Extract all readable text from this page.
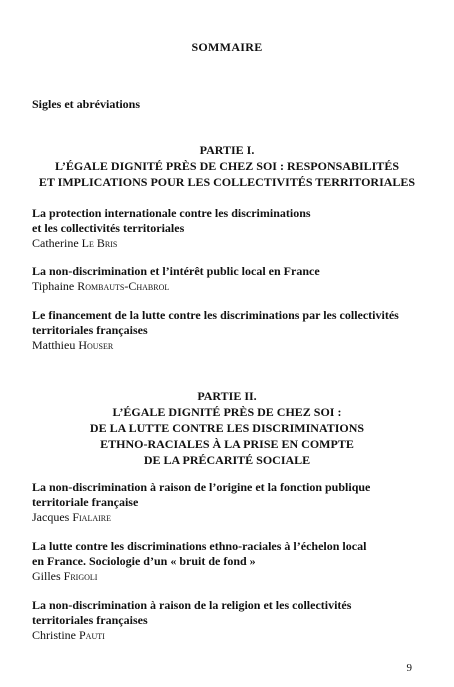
SOMMAIRE
Sigles et abréviations
PARTIE I.
L’ÉGALE DIGNITÉ PRÈS DE CHEZ SOI : RESPONSABILITÉS
ET IMPLICATIONS POUR LES COLLECTIVITÉS TERRITORIALES
La protection internationale contre les discriminations
et les collectivités territoriales
Catherine Le Bris
La non-discrimination et l’intérêt public local en France
Tiphaine Rombauts-Chabrol
Le financement de la lutte contre les discriminations par les collectivités
territoriales françaises
Matthieu Houser
PARTIE II.
L’ÉGALE DIGNITÉ PRÈS DE CHEZ SOI :
DE LA LUTTE CONTRE LES DISCRIMINATIONS
ETHNO-RACIALES À LA PRISE EN COMPTE
DE LA PRÉCARITÉ SOCIALE
La non-discrimination à raison de l’origine et la fonction publique
territoriale française
Jacques Fialaire
La lutte contre les discriminations ethno-raciales à l’échelon local
en France. Sociologie d’un « bruit de fond »
Gilles Frigoli
La non-discrimination à raison de la religion et les collectivités
territoriales françaises
Christine Pauti
9
